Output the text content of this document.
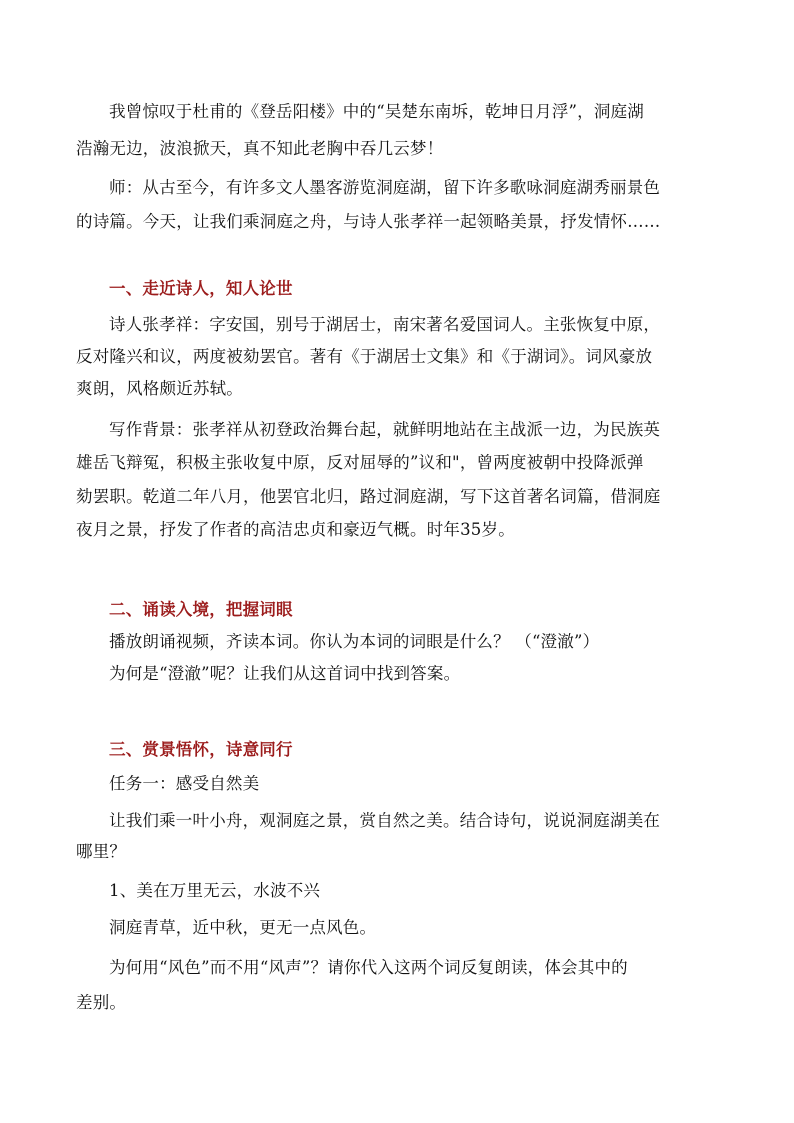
我曾惊叹于杜甫的《登岳阳楼》中的“吴楚东南坼，乾坤日月浮”，洞庭湖
浩瀚无边，波浪掀天，真不知此老胸中吞几云梦！
师：从古至今，有许多文人墨客游览洞庭湖，留下许多歌咏洞庭湖秀丽景色
的诗篇。今天，让我们乘洞庭之舟，与诗人张孝祥一起领略美景，抒发情怀……
一、走近诗人，知人论世
诗人张孝祥：字安国，别号于湖居士，南宋著名爱国词人。主张恢复中原，
反对隆兴和议，两度被劾罢官。著有《于湖居士文集》和《于湖词》。词风豪放
爽朗，风格颇近苏轼。
写作背景：张孝祥从初登政治舞台起，就鲜明地站在主战派一边，为民族英
雄岳飞辩冤，积极主张收复中原，反对屈辱的”议和"，曾两度被朝中投降派弹
劾罢职。乾道二年八月，他罢官北归，路过洞庭湖，写下这首著名词篇，借洞庭
夜月之景，抒发了作者的高洁忠贞和豪迈气概。时年35岁。
二、诵读入境，把握词眼
播放朗诵视频，齐读本词。你认为本词的词眼是什么？ （“澄澈”）
为何是“澄澈”呢？让我们从这首词中找到答案。
三、赏景悟怀，诗意同行
任务一：感受自然美
让我们乘一叶小舟，观洞庭之景，赏自然之美。结合诗句，说说洞庭湖美在
哪里？
1、美在万里无云，水波不兴
洞庭青草，近中秋，更无一点风色。
为何用“风色”而不用“风声”？请你代入这两个词反复朗读，体会其中的
差别。
